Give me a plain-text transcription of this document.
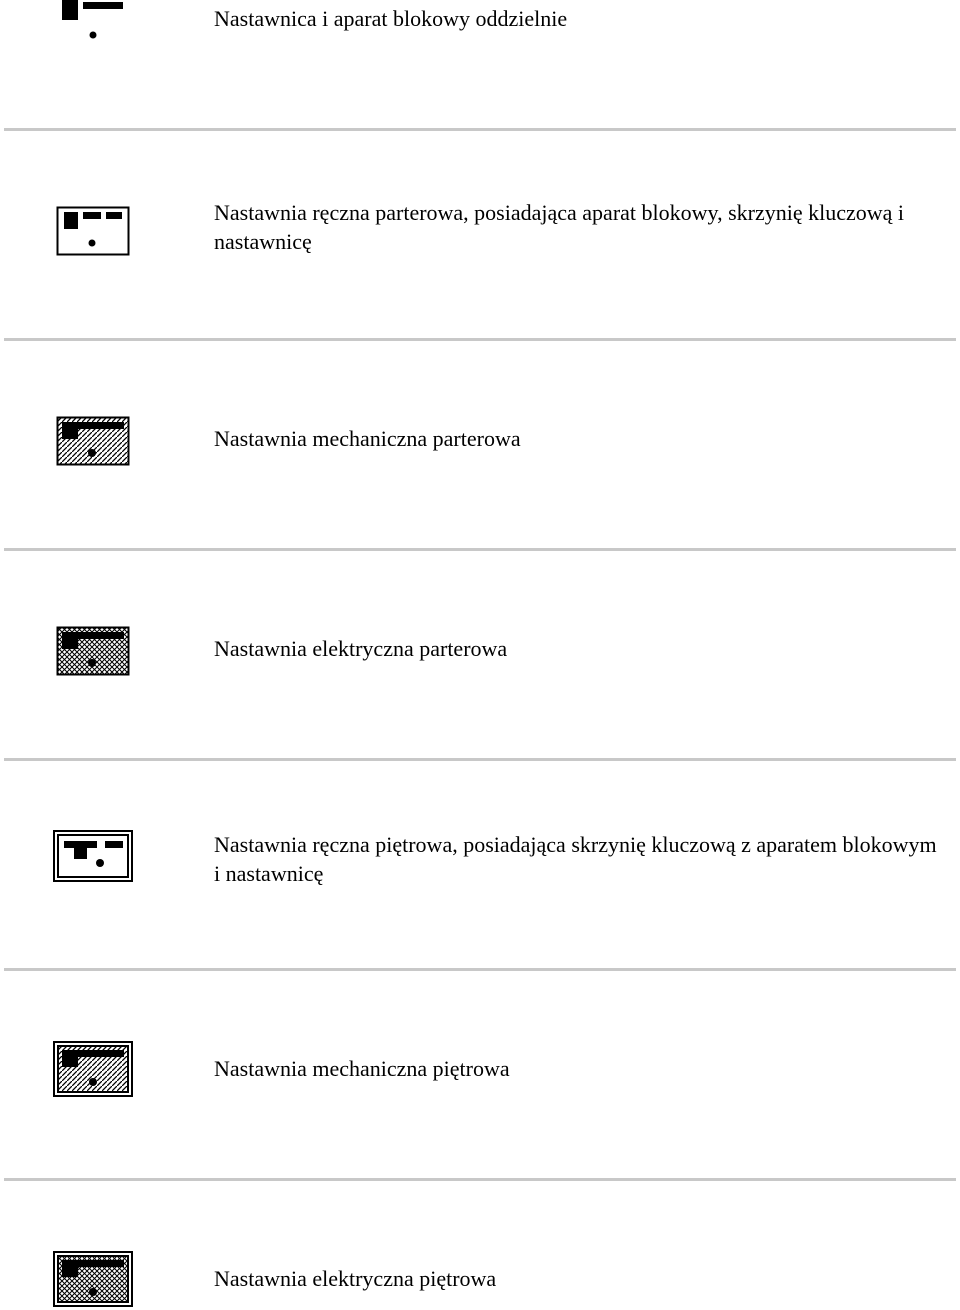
Nastawnica i aparat blokowy oddzielnie
Nastawnia ręczna parterowa, posiadająca aparat blokowy, skrzynię kluczową i nastawnicę
Nastawnia mechaniczna parterowa
Nastawnia elektryczna parterowa
Nastawnia ręczna piętrowa, posiadająca skrzynię kluczową z aparatem blokowym i nastawnicę
Nastawnia mechaniczna piętrowa
Nastawnia elektryczna piętrowa
